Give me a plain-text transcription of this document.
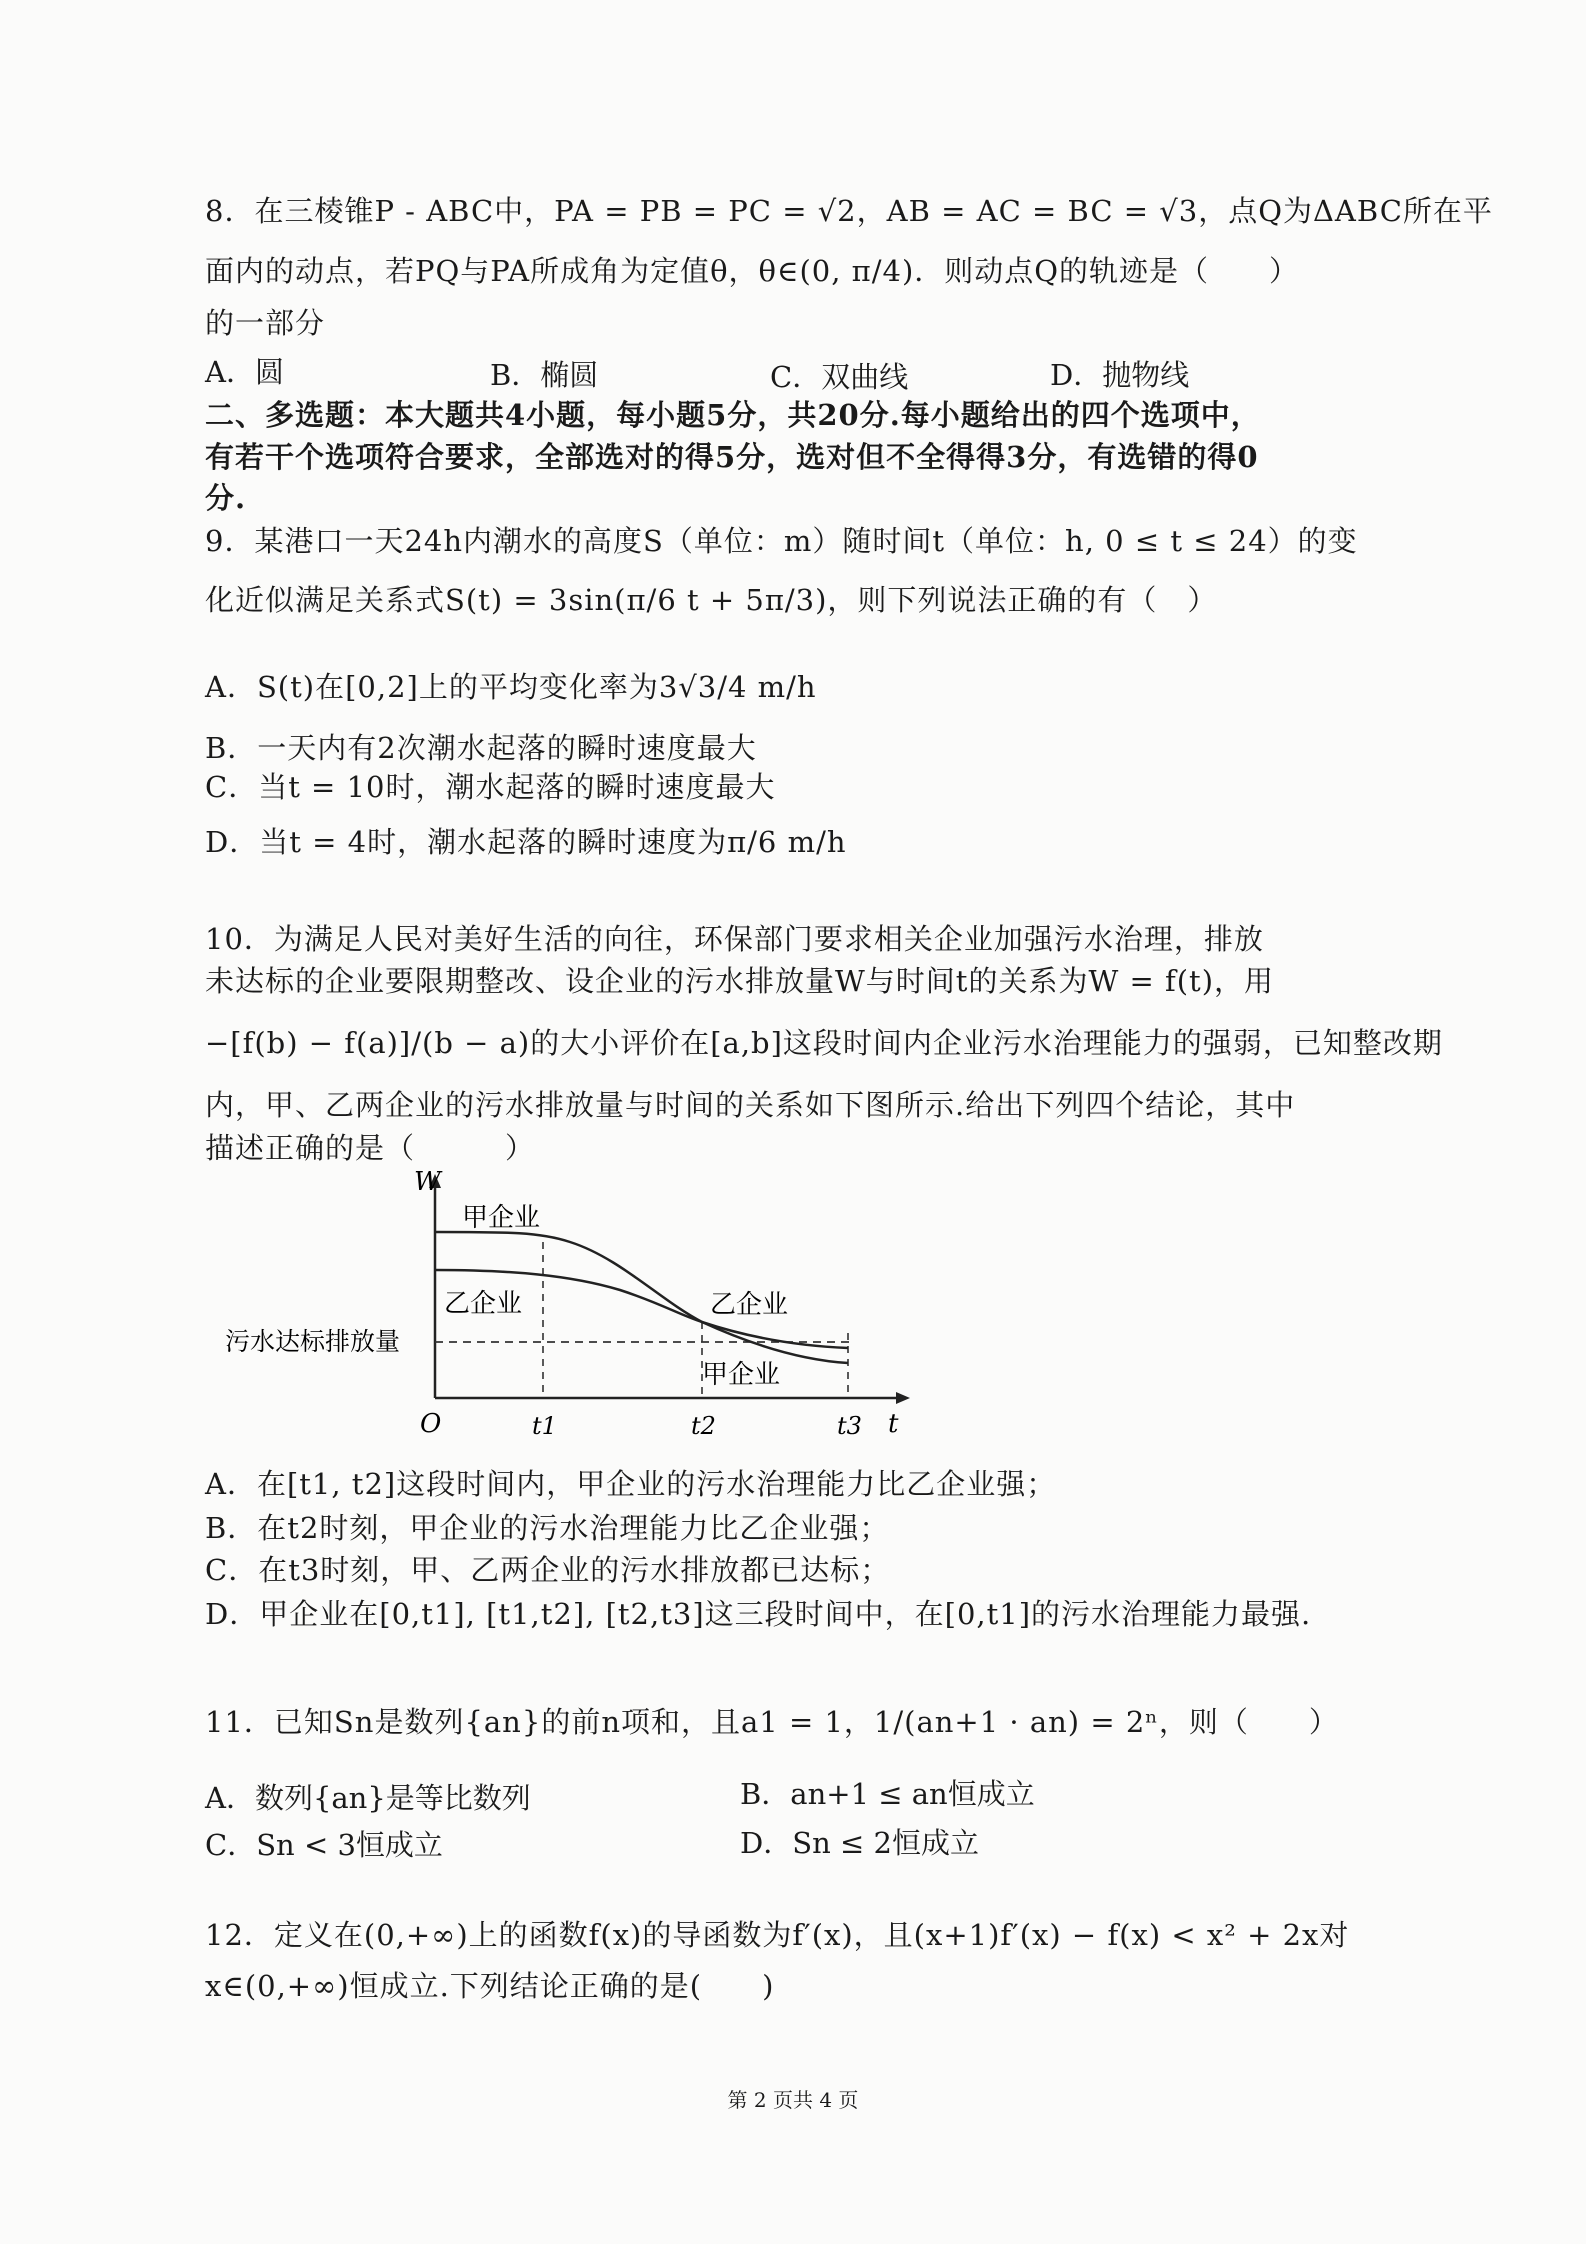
8．在三棱锥P - ABC中，PA = PB = PC = √2，AB = AC = BC = √3，点Q为ΔABC所在平
面内的动点，若PQ与PA所成角为定值θ，θ∈(0, π/4)．则动点Q的轨迹是（　　）
的一部分
A．圆	B．椭圆	C．双曲线	D．抛物线
二、多选题：本大题共4小题，每小题5分，共20分.每小题给出的四个选项中，
有若干个选项符合要求，全部选对的得5分，选对但不全得得3分，有选错的得0
分.
9．某港口一天24h内潮水的高度S（单位：m）随时间t（单位：h, 0 ≤ t ≤ 24）的变
化近似满足关系式S(t) = 3sin(π/6 t + 5π/3)，则下列说法正确的有（　）
A．S(t)在[0,2]上的平均变化率为3√3/4 m/h
B．一天内有2次潮水起落的瞬时速度最大
C．当t = 10时，潮水起落的瞬时速度最大
D．当t = 4时，潮水起落的瞬时速度为π/6 m/h
10．为满足人民对美好生活的向往，环保部门要求相关企业加强污水治理，排放
未达标的企业要限期整改、设企业的污水排放量W与时间t的关系为W = f(t)，用
−[f(b) − f(a)]/(b − a)的大小评价在[a,b]这段时间内企业污水治理能力的强弱，已知整改期
内，甲、乙两企业的污水排放量与时间的关系如下图所示.给出下列四个结论，其中
描述正确的是（　　　）
W
t
O
污水达标排放量
甲企业
乙企业	乙企业
甲企业
t1	t2	t3
A．在[t1, t2]这段时间内，甲企业的污水治理能力比乙企业强；
B．在t2时刻，甲企业的污水治理能力比乙企业强；
C．在t3时刻，甲、乙两企业的污水排放都已达标；
D．甲企业在[0,t1], [t1,t2], [t2,t3]这三段时间中，在[0,t1]的污水治理能力最强.
11．已知Sn是数列{an}的前n项和，且a1 = 1，1/(an+1 · an) = 2ⁿ，则（　　）
A．数列{an}是等比数列	B．an+1 ≤ an恒成立
C．Sn < 3恒成立	D．Sn ≤ 2恒成立
12．定义在(0,+∞)上的函数f(x)的导函数为f′(x)，且(x+1)f′(x) − f(x) < x² + 2x对
x∈(0,+∞)恒成立.下列结论正确的是(　　)
第 2 页共 4 页
